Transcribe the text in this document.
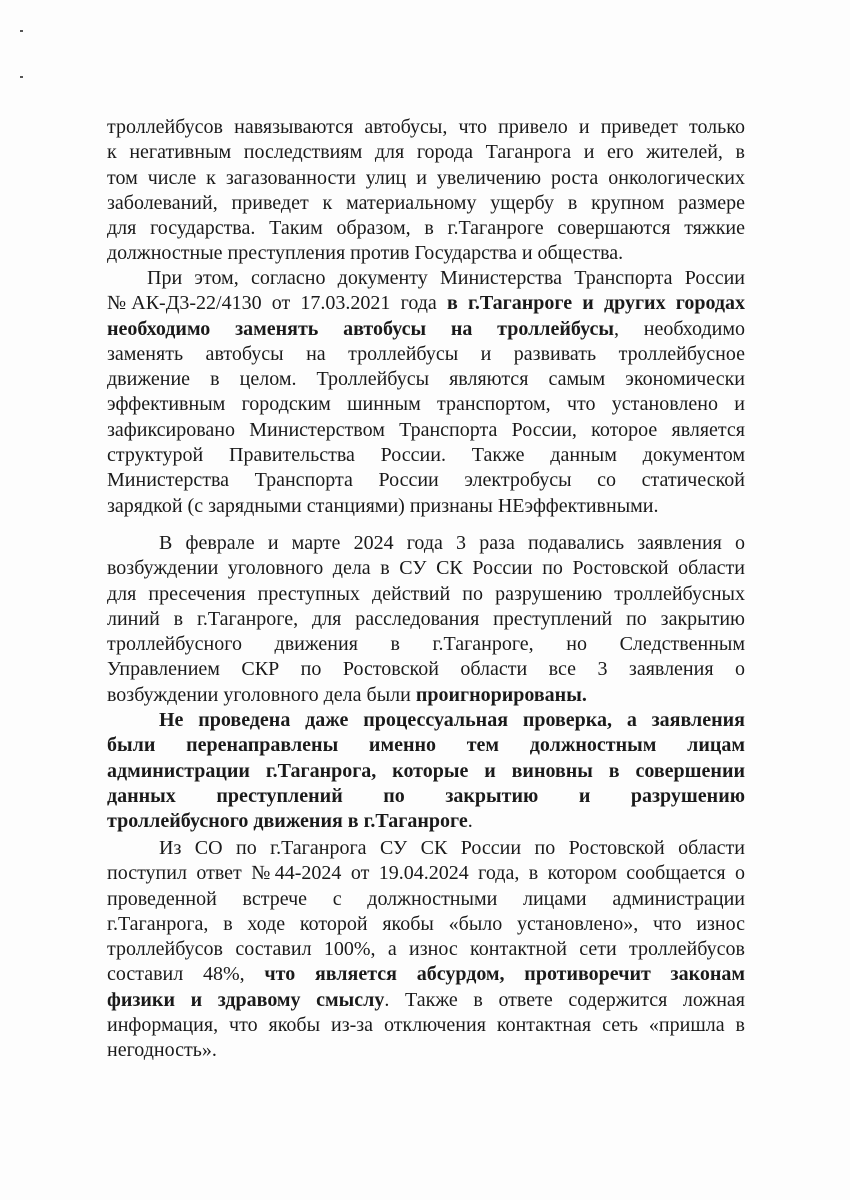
троллейбусов навязываются автобусы, что привело и приведет только
к негативным последствиям для города Таганрога и его жителей, в
том числе к загазованности улиц и увеличению роста онкологических
заболеваний, приведет к материальному ущербу в крупном размере
для государства. Таким образом, в г.Таганроге совершаются тяжкие
должностные преступления против Государства и общества.
При этом, согласно документу Министерства Транспорта России
№АК-Д3-22/4130 от 17.03.2021 года в г.Таганроге и других городах
необходимо заменять автобусы на троллейбусы, необходимо
заменять автобусы на троллейбусы и развивать троллейбусное
движение в целом. Троллейбусы являются самым экономически
эффективным городским шинным транспортом, что установлено и
зафиксировано Министерством Транспорта России, которое является
структурой Правительства России. Также данным документом
Министерства Транспорта России электробусы со статической
зарядкой (с зарядными станциями) признаны НЕэффективными.
В феврале и марте 2024 года 3 раза подавались заявления о
возбуждении уголовного дела в СУ СК России по Ростовской области
для пресечения преступных действий по разрушению троллейбусных
линий в г.Таганроге, для расследования преступлений по закрытию
троллейбусного движения в г.Таганроге, но Следственным
Управлением СКР по Ростовской области все 3 заявления о
возбуждении уголовного дела были проигнорированы.
Не проведена даже процессуальная проверка, а заявления
были перенаправлены именно тем должностным лицам
администрации г.Таганрога, которые и виновны в совершении
данных преступлений по закрытию и разрушению
троллейбусного движения в г.Таганроге.
Из СО по г.Таганрога СУ СК России по Ростовской области
поступил ответ №44-2024 от 19.04.2024 года, в котором сообщается о
проведенной встрече с должностными лицами администрации
г.Таганрога, в ходе которой якобы «было установлено», что износ
троллейбусов составил 100%, а износ контактной сети троллейбусов
составил 48%, что является абсурдом, противоречит законам
физики и здравому смыслу. Также в ответе содержится ложная
информация, что якобы из-за отключения контактная сеть «пришла в
негодность».
